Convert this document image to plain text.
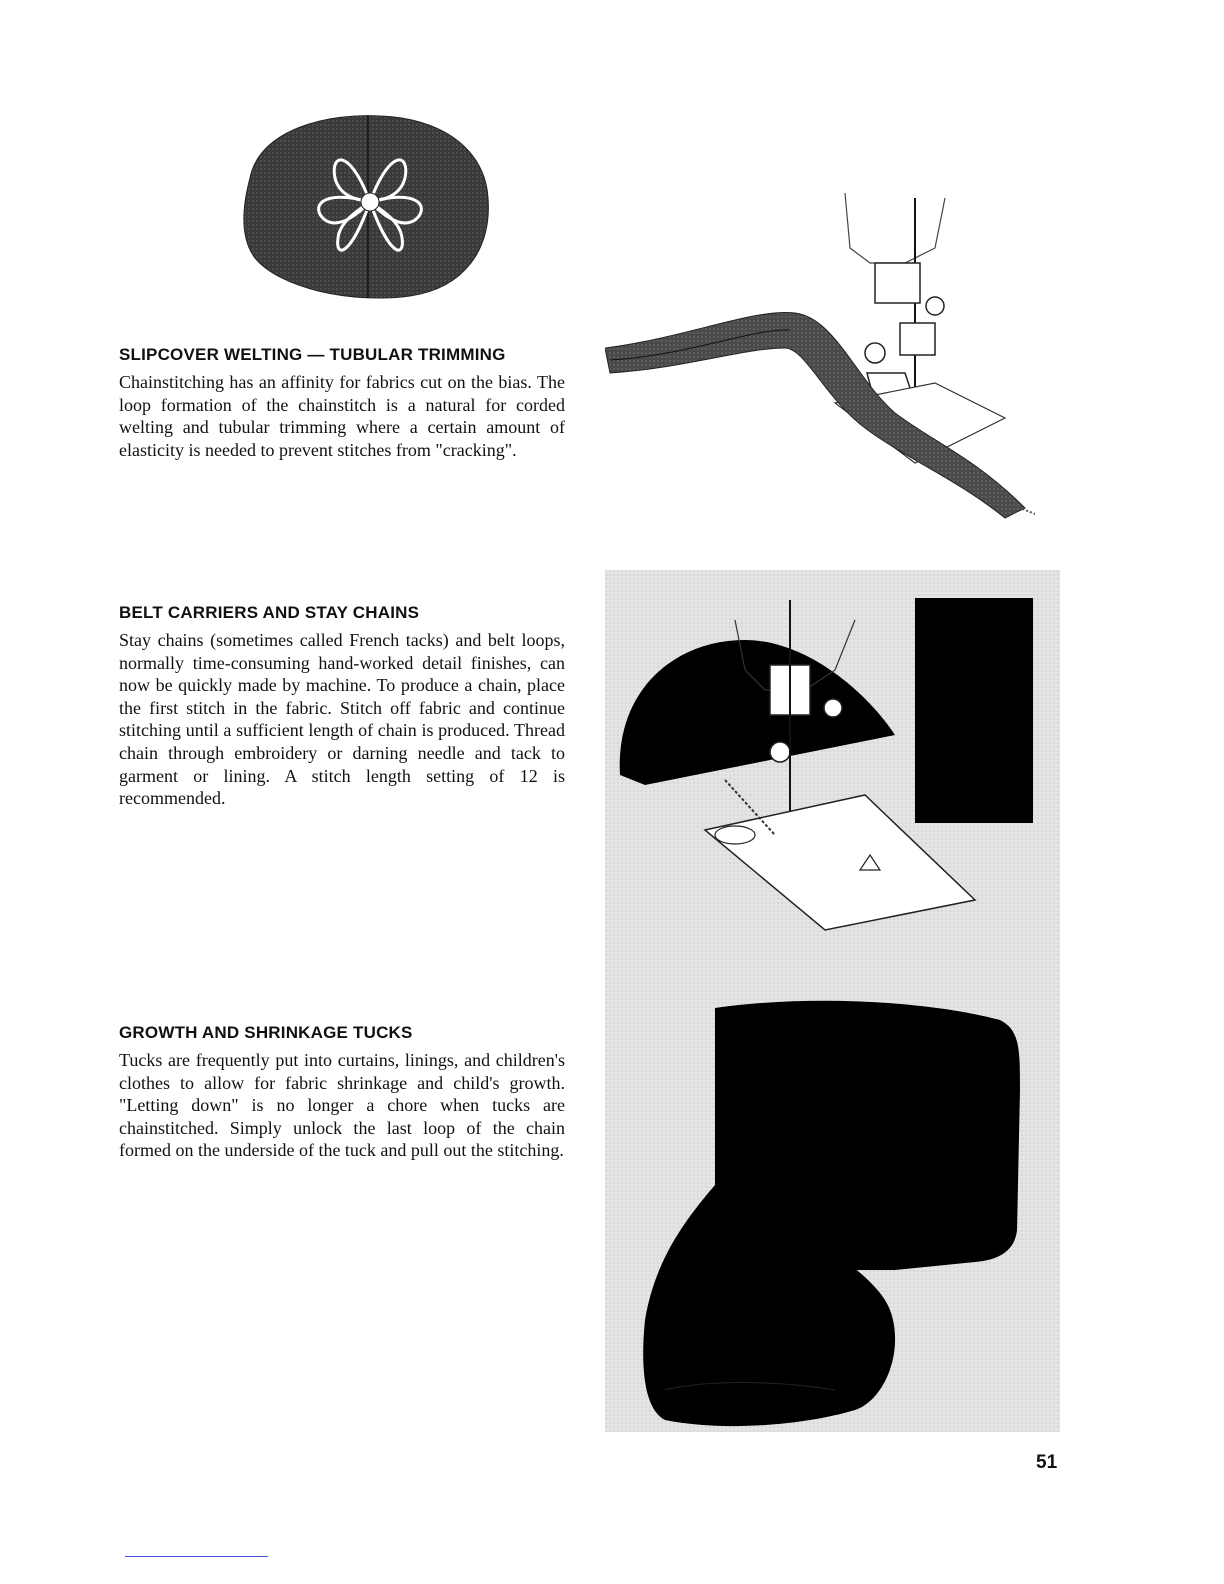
SLIPCOVER WELTING — TUBULAR TRIMMING

Chainstitching has an affinity for fabrics cut on the bias. The loop formation of the chainstitch is a natural for corded welting and tubular trimming where a certain amount of elasticity is needed to prevent stitches from "cracking".

BELT CARRIERS AND STAY CHAINS

Stay chains (sometimes called French tacks) and belt loops, normally time-consuming hand-worked detail finishes, can now be quickly made by machine. To produce a chain, place the first stitch in the fabric. Stitch off fabric and continue stitching until a sufficient length of chain is produced. Thread chain through embroidery or darning needle and tack to garment or lining. A stitch length setting of 12 is recommended.

GROWTH AND SHRINKAGE TUCKS

Tucks are frequently put into curtains, linings, and children's clothes to allow for fabric shrinkage and child's growth. "Letting down" is no longer a chore when tucks are chainstitched. Simply unlock the last loop of the chain formed on the underside of the tuck and pull out the stitching.

51
